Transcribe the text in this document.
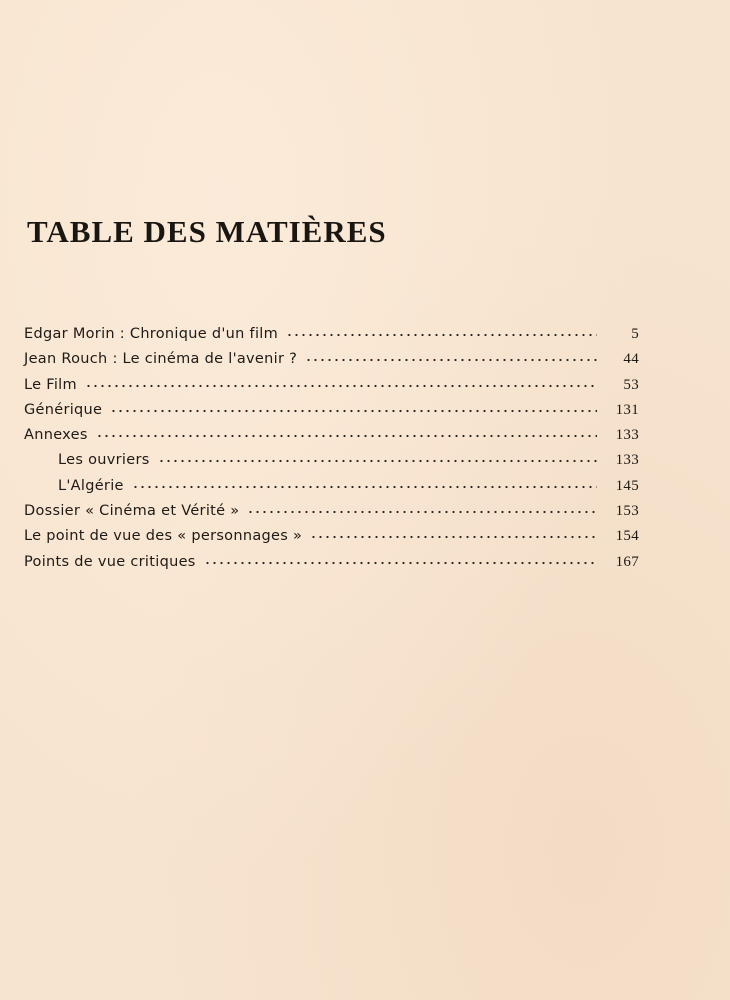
TABLE DES MATIÈRES
Edgar Morin : Chronique d'un film	5
Jean Rouch : Le cinéma de l'avenir ?	44
Le Film	53
Générique	131
Annexes	133
Les ouvriers	133
L'Algérie	145
Dossier « Cinéma et Vérité »	153
Le point de vue des « personnages »	154
Points de vue critiques	167
